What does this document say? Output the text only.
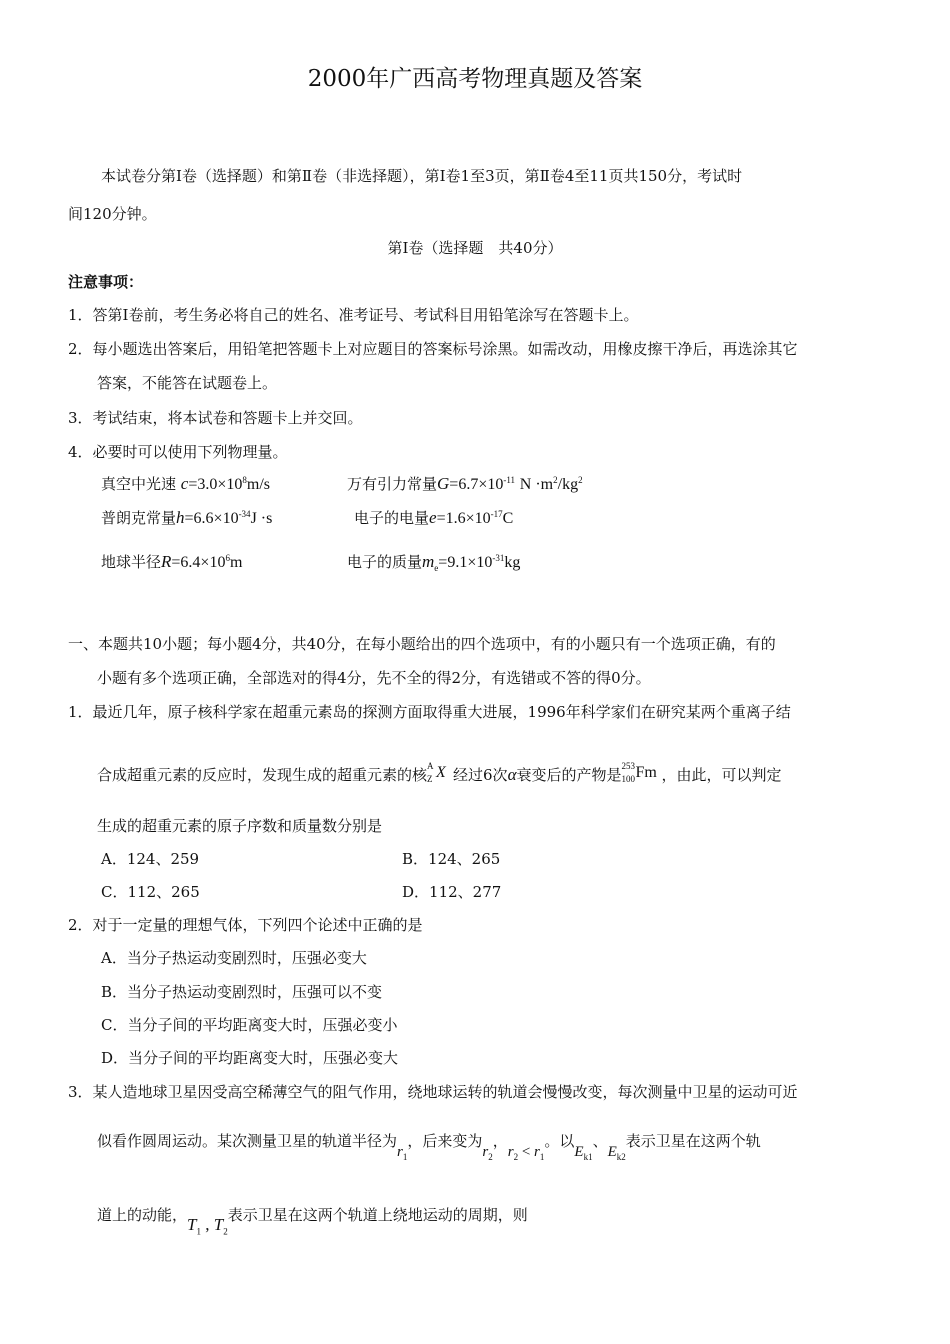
2000年广西高考物理真题及答案
本试卷分第Ⅰ卷（选择题）和第Ⅱ卷（非选择题），第Ⅰ卷1至3页，第Ⅱ卷4至11页共150分，考试时
间120分钟。
第Ⅰ卷（选择题　共40分）
注意事项：
1．答第Ⅰ卷前，考生务必将自己的姓名、准考证号、考试科目用铅笔涂写在答题卡上。
2．每小题选出答案后，用铅笔把答题卡上对应题目的答案标号涂黑。如需改动，用橡皮擦干净后，再选涂其它
答案，不能答在试题卷上。
3．考试结束，将本试卷和答题卡上并交回。
4．必要时可以使用下列物理量。
真空中光速 $c=3.0\times 10^8m/s$	万有引力常量$G=6.7\times 10^{-11}$ $N \cdot m^2/kg^2$
普朗克常量$h=6.6\times 10^{-34}J \cdot s$	电子的电量$e=1.6\times 10^{-17}C$
地球半径$R=6.4\times 10^6m$	电子的质量$m_e=9.1\times 10^{-31}kg$
一、本题共10小题；每小题4分，共40分，在每小题给出的四个选项中，有的小题只有一个选项正确，有的
小题有多个选项正确，全部选对的得4分，先不全的得2分，有选错或不答的得0分。
1．最近几年，原子核科学家在超重元素岛的探测方面取得重大进展，1996年科学家们在研究某两个重离子结
合成超重元素的反应时，发现生成的超重元素的核 A
Z X 经过6次α衰变后的产物是 253
100 Fm ，由此，可以判定
生成的超重元素的原子序数和质量数分别是
A．124、259	B．124、265
C．112、265	D．112、277
2．对于一定量的理想气体，下列四个论述中正确的是
A．当分子热运动变剧烈时，压强必变大
B．当分子热运动变剧烈时，压强可以不变
C．当分子间的平均距离变大时，压强必变小
D．当分子间的平均距离变大时，压强必变大
3．某人造地球卫星因受高空稀薄空气的阻气作用，绕地球运转的轨道会慢慢改变，每次测量中卫星的运动可近
似看作圆周运动。某次测量卫星的轨道半径为$r_1$，后来变为$r_2$，$r_2 < r_1$。以$E_{k1}$、$E_{k2}$表示卫星在这两个轨
道上的动能，$T_1$ , $T_2$表示卫星在这两个轨道上绕地运动的周期，则
